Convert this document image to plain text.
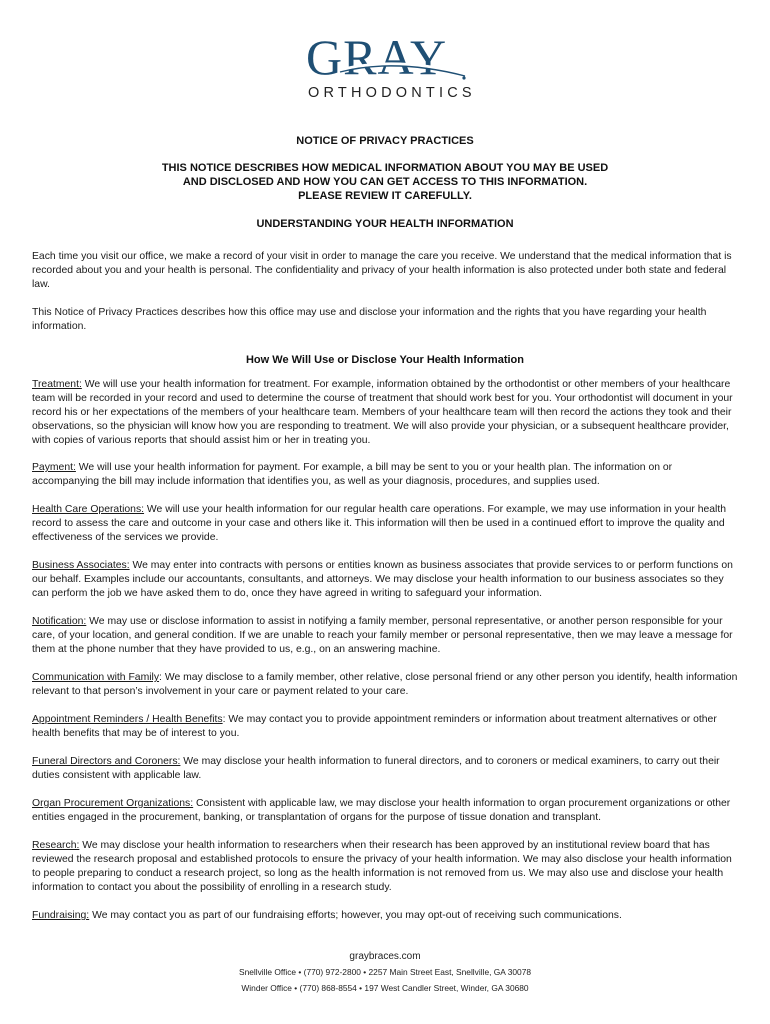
GRAY
ORTHODONTICS
NOTICE OF PRIVACY PRACTICES
THIS NOTICE DESCRIBES HOW MEDICAL INFORMATION ABOUT YOU MAY BE USED
AND DISCLOSED AND HOW YOU CAN GET ACCESS TO THIS INFORMATION.
PLEASE REVIEW IT CAREFULLY.
UNDERSTANDING YOUR HEALTH INFORMATION

Each time you visit our office, we make a record of your visit in order to manage the care you receive. We understand that the medical information that is recorded about you and your health is personal. The confidentiality and privacy of your health information is also protected under both state and federal law.

This Notice of Privacy Practices describes how this office may use and disclose your information and the rights that you have regarding your health information.

How We Will Use or Disclose Your Health Information

Treatment: We will use your health information for treatment. For example, information obtained by the orthodontist or other members of your healthcare team will be recorded in your record and used to determine the course of treatment that should work best for you. Your orthodontist will document in your record his or her expectations of the members of your healthcare team. Members of your healthcare team will then record the actions they took and their observations, so the physician will know how you are responding to treatment. We will also provide your physician, or a subsequent healthcare provider, with copies of various reports that should assist him or her in treating you.

Payment: We will use your health information for payment. For example, a bill may be sent to you or your health plan. The information on or accompanying the bill may include information that identifies you, as well as your diagnosis, procedures, and supplies used.

Health Care Operations: We will use your health information for our regular health care operations. For example, we may use information in your health record to assess the care and outcome in your case and others like it. This information will then be used in a continued effort to improve the quality and effectiveness of the services we provide.

Business Associates: We may enter into contracts with persons or entities known as business associates that provide services to or perform functions on our behalf. Examples include our accountants, consultants, and attorneys. We may disclose your health information to our business associates so they can perform the job we have asked them to do, once they have agreed in writing to safeguard your information.

Notification: We may use or disclose information to assist in notifying a family member, personal representative, or another person responsible for your care, of your location, and general condition. If we are unable to reach your family member or personal representative, then we may leave a message for them at the phone number that they have provided to us, e.g., on an answering machine.

Communication with Family: We may disclose to a family member, other relative, close personal friend or any other person you identify, health information relevant to that person’s involvement in your care or payment related to your care.

Appointment Reminders / Health Benefits: We may contact you to provide appointment reminders or information about treatment alternatives or other health benefits that may be of interest to you.

Funeral Directors and Coroners: We may disclose your health information to funeral directors, and to coroners or medical examiners, to carry out their duties consistent with applicable law.

Organ Procurement Organizations: Consistent with applicable law, we may disclose your health information to organ procurement organizations or other entities engaged in the procurement, banking, or transplantation of organs for the purpose of tissue donation and transplant.

Research: We may disclose your health information to researchers when their research has been approved by an institutional review board that has reviewed the research proposal and established protocols to ensure the privacy of your health information. We may also disclose your health information to people preparing to conduct a research project, so long as the health information is not removed from us. We may also use and disclose your health information to contact you about the possibility of enrolling in a research study.

Fundraising: We may contact you as part of our fundraising efforts; however, you may opt-out of receiving such communications.

graybraces.com
Snellville Office • (770) 972-2800 • 2257 Main Street East, Snellville, GA 30078
Winder Office • (770) 868-8554 • 197 West Candler Street, Winder, GA 30680
